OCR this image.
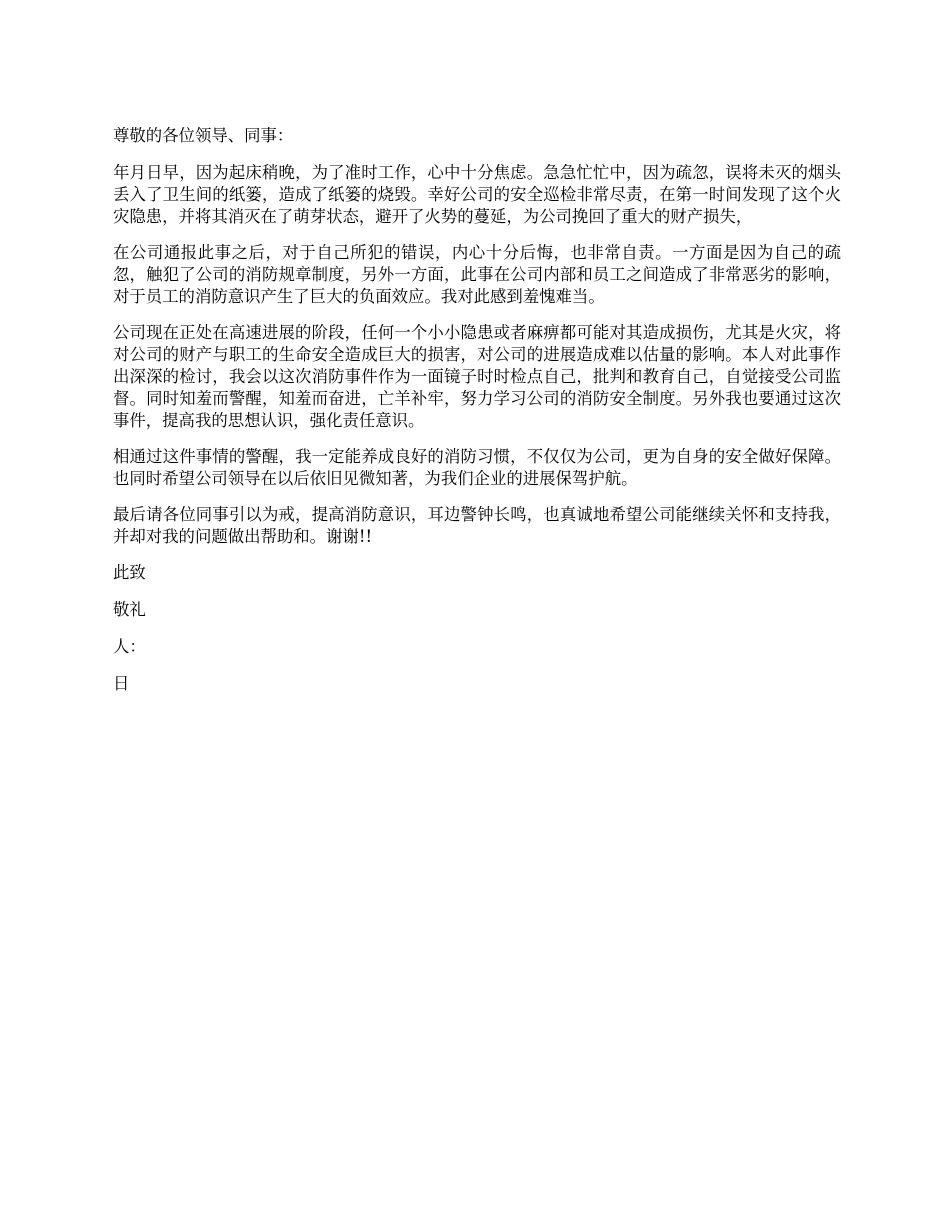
尊敬的各位领导、同事：

年月日早，因为起床稍晚，为了准时工作，心中十分焦虑。急急忙忙中，因为疏忽，误将未灭的烟头丢入了卫生间的纸篓，造成了纸篓的烧毁。幸好公司的安全巡检非常尽责，在第一时间发现了这个火灾隐患，并将其消灭在了萌芽状态，避开了火势的蔓延，为公司挽回了重大的财产损失，

在公司通报此事之后，对于自己所犯的错误，内心十分后悔，也非常自责。一方面是因为自己的疏忽，触犯了公司的消防规章制度，另外一方面，此事在公司内部和员工之间造成了非常恶劣的影响，对于员工的消防意识产生了巨大的负面效应。我对此感到羞愧难当。

公司现在正处在高速进展的阶段，任何一个小小隐患或者麻痹都可能对其造成损伤，尤其是火灾，将对公司的财产与职工的生命安全造成巨大的损害，对公司的进展造成难以估量的影响。本人对此事作出深深的检讨，我会以这次消防事件作为一面镜子时时检点自己，批判和教育自己，自觉接受公司监督。同时知羞而警醒，知羞而奋进，亡羊补牢，努力学习公司的消防安全制度。另外我也要通过这次事件，提高我的思想认识，强化责任意识。

相通过这件事情的警醒，我一定能养成良好的消防习惯，不仅仅为公司，更为自身的安全做好保障。也同时希望公司领导在以后依旧见微知著，为我们企业的进展保驾护航。

最后请各位同事引以为戒，提高消防意识，耳边警钟长鸣，也真诚地希望公司能继续关怀和支持我，并却对我的问题做出帮助和。谢谢!!

此致

敬礼

人：

日
